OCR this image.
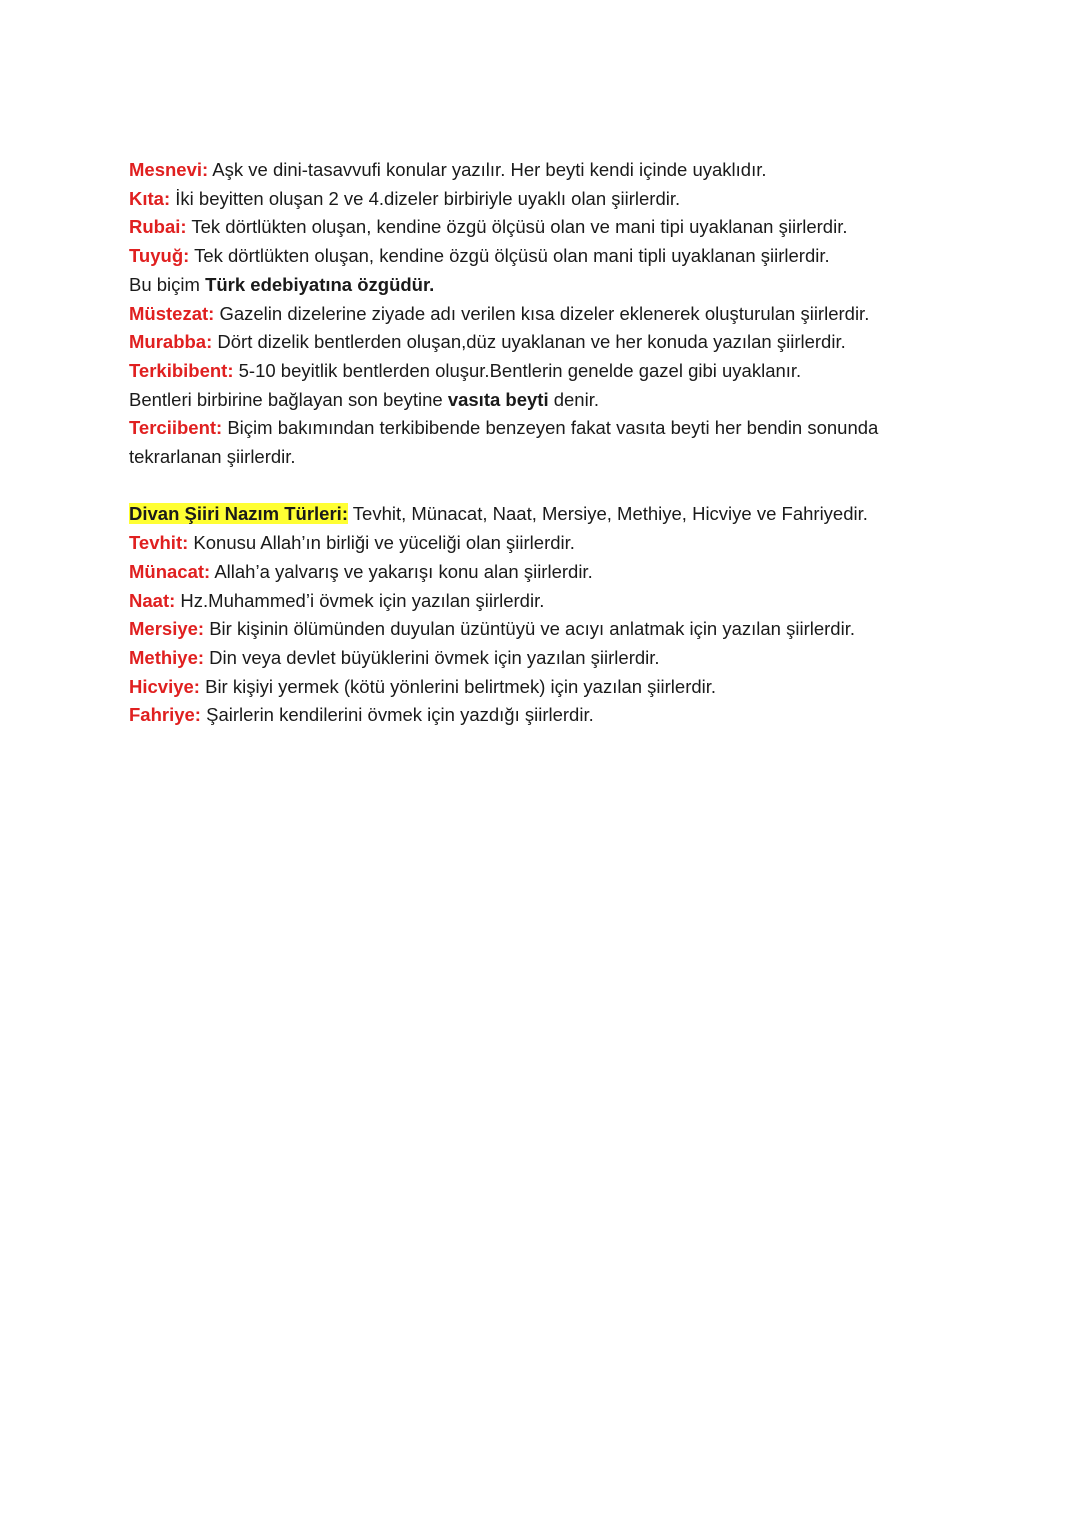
Mesnevi: Aşk ve dini-tasavvufi konular yazılır. Her beyti kendi içinde uyaklıdır.
Kıta: İki beyitten oluşan 2 ve 4.dizeler birbiriyle uyaklı olan şiirlerdir.
Rubai: Tek dörtlükten oluşan, kendine özgü ölçüsü olan ve mani tipi uyaklanan şiirlerdir.
Tuyuğ: Tek dörtlükten oluşan, kendine özgü ölçüsü olan mani tipli uyaklanan şiirlerdir.
Bu biçim Türk edebiyatına özgüdür.
Müstezat: Gazelin dizelerine ziyade adı verilen kısa dizeler eklenerek oluşturulan şiirlerdir.
Murabba: Dört dizelik bentlerden oluşan,düz uyaklanan ve her konuda yazılan şiirlerdir.
Terkibibent: 5-10 beyitlik bentlerden oluşur.Bentlerin genelde gazel gibi uyaklanır.
Bentleri birbirine bağlayan son beytine vasıta beyti denir.
Terciibent: Biçim bakımından terkibibende benzeyen fakat vasıta beyti her bendin sonunda
tekrarlanan şiirlerdir.
Divan Şiiri Nazım Türleri: Tevhit, Münacat, Naat, Mersiye, Methiye, Hicviye ve Fahriyedir.
Tevhit: Konusu Allah’ın birliği ve yüceliği olan şiirlerdir.
Münacat: Allah’a yalvarış ve yakarışı konu alan şiirlerdir.
Naat: Hz.Muhammed’i övmek için yazılan şiirlerdir.
Mersiye: Bir kişinin ölümünden duyulan üzüntüyü ve acıyı anlatmak için yazılan şiirlerdir.
Methiye: Din veya devlet büyüklerini övmek için yazılan şiirlerdir.
Hicviye: Bir kişiyi yermek (kötü yönlerini belirtmek) için yazılan şiirlerdir.
Fahriye: Şairlerin kendilerini övmek için yazdığı şiirlerdir.
